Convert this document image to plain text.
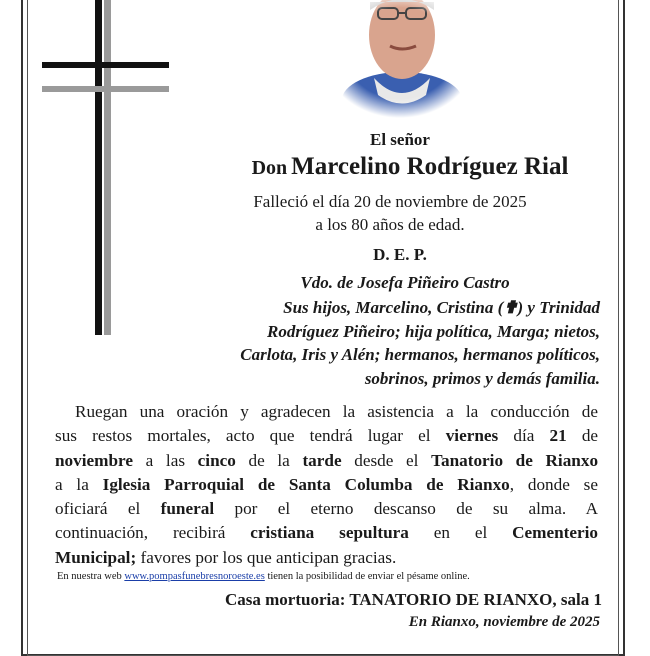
El señor
Don Marcelino Rodríguez Rial
Falleció el día 20 de noviembre de 2025
a los 80 años de edad.
D. E. P.
Vdo. de Josefa Piñeiro Castro
Sus hijos, Marcelino, Cristina (✟) y Trinidad
Rodríguez Piñeiro; hija política, Marga; nietos,
Carlota, Iris y Alén; hermanos, hermanos políticos,
sobrinos, primos y demás familia.
Ruegan una oración y agradecen la asistencia a la conducción de
sus restos mortales, acto que tendrá lugar el viernes día 21 de
noviembre a las cinco de la tarde desde el Tanatorio de Rianxo
a la Iglesia Parroquial de Santa Columba de Rianxo, donde se
oficiará el funeral por el eterno descanso de su alma. A
continuación, recibirá cristiana sepultura en el Cementerio
Municipal; favores por los que anticipan gracias.
En nuestra web www.pompasfunebresnoroeste.es tienen la posibilidad de enviar el pésame online.
Casa mortuoria: TANATORIO DE RIANXO, sala 1
En Rianxo, noviembre de 2025
